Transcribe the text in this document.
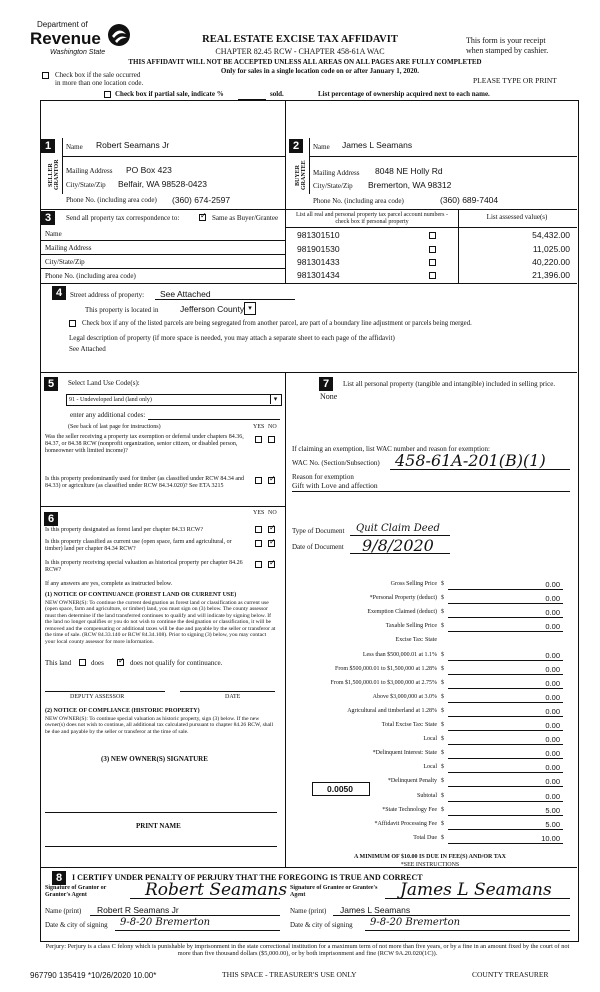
Department of
Revenue
Washington State
REAL ESTATE EXCISE TAX AFFIDAVIT
CHAPTER 82.45 RCW - CHAPTER 458-61A WAC
This form is your receipt
when stamped by cashier.
THIS AFFIDAVIT WILL NOT BE ACCEPTED UNLESS ALL AREAS ON ALL PAGES ARE FULLY COMPLETED
Only for sales in a single location code on or after January 1, 2020.
Check box if the sale occurred
in more than one location code.	PLEASE TYPE OR PRINT
Check box if partial sale, indicate %	sold.	List percentage of ownership acquired next to each name.
1
SELLER GRANTOR
Name Robert Seamans Jr
Mailing Address PO Box 423
City/State/Zip Belfair, WA 98528-0423
Phone No. (including area code) (360) 674-2597
2
BUYER GRANTEE
Name James L Seamans
Mailing Address 8048 NE Holly Rd
City/State/Zip Bremerton, WA 98312
Phone No. (including area code)	(360) 689-7404
3	Send all property tax correspondence to: ✓	Same as Buyer/Grantee
Name
Mailing Address
City/State/Zip
Phone No. (including area code)
List all real and personal property tax parcel account numbers - check box if personal property
List assessed value(s)
981301510	54,432.00
981901530	11,025.00
981301433	40,220.00
981301434	21,396.00
4	Street address of property: See Attached
This property is located in	Jefferson County ▾
Check box if any of the listed parcels are being segregated from another parcel, are part of a boundary line adjustment or parcels being merged.
Legal description of property (if more space is needed, you may attach a separate sheet to each page of the affidavit)
See Attached
5	Select Land Use Code(s):
91 - Undeveloped land (land only)	▾
enter any additional codes:
(See back of last page for instructions)	YES NO
Was the seller receiving a property tax exemption or deferral under chapters 84.36, 84.37, or 84.38 RCW (nonprofit organization, senior citizen, or disabled person, homeowner with limited income)?
Is this property predominantly used for timber (as classified under RCW 84.34 and 84.33) or agriculture (as classified under RCW 84.34.020)? See ETA 3215
✓
6	YES NO
Is this property designated as forest land per chapter 84.33 RCW?
✓
Is this property classified as current use (open space, farm and agricultural, or timber) land per chapter 84.34 RCW?
✓
Is this property receiving special valuation as historical property per chapter 84.26 RCW?
✓
If any answers are yes, complete as instructed below.
(1) NOTICE OF CONTINUANCE (FOREST LAND OR CURRENT USE)
NEW OWNER(S): To continue the current designation as forest land or classification as current use (open space, farm and agriculture, or timber) land, you must sign on (3) below. The county assessor must then determine if the land transferred continues to qualify and will indicate by signing below. If the land no longer qualifies or you do not wish to continue the designation or classification, it will be removed and the compensating or additional taxes will be due and payable by the seller or transferor at the time of sale. (RCW 84.33.140 or RCW 84.34.108). Prior to signing (3) below, you may contact your local county assessor for more information.
This land	does ✓	does not qualify for continuance.
DEPUTY ASSESSOR	DATE
(2) NOTICE OF COMPLIANCE (HISTORIC PROPERTY)
NEW OWNER(S): To continue special valuation as historic property, sign (3) below. If the new owner(s) does not wish to continue, all additional tax calculated pursuant to chapter 84.26 RCW, shall be due and payable by the seller or transferor at the time of sale.
(3) NEW OWNER(S) SIGNATURE
PRINT NAME
7	List all personal property (tangible and intangible) included in selling price.
None
If claiming an exemption, list WAC number and reason for exemption:
WAC No. (Section/Subsection) 458-61A-201(B)(1)
Reason for exemption
Gift with Love and affection
Type of Document Quit Claim Deed
Date of Document 9/8/2020
Gross Selling Price $	0.00
*Personal Property (deduct) $	0.00
Exemption Claimed (deduct) $	0.00
Taxable Selling Price $	0.00
Excise Tax: State
Less than $500,000.01 at 1.1% $	0.00
From $500,000.01 to $1,500,000 at 1.28% $	0.00
From $1,500,000.01 to $3,000,000 at 2.75% $	0.00
Above $3,000,000 at 3.0% $	0.00
Agricultural and timberland at 1.28% $	0.00
Total Excise Tax: State $	0.00
Local $	0.00
*Delinquent Interest: State $	0.00
Local $	0.00
*Delinquent Penalty $	0.00
Subtotal $	0.00
*State Technology Fee $	5.00
*Affidavit Processing Fee $	5.00
Total Due $	10.00
0.0050
A MINIMUM OF $10.00 IS DUE IN FEE(S) AND/OR TAX
*SEE INSTRUCTIONS
8	I CERTIFY UNDER PENALTY OF PERJURY THAT THE FOREGOING IS TRUE AND CORRECT
Signature of Grantor or Grantor's Agent	Robert Seamans Signature of Grantee or Grantee's Agent	James L Seamans
Name (print) Robert R Seamans Jr	Name (print) James L Seamans
Date & city of signing 9-8-20 Bremerton	Date & city of signing 9-8-20 Bremerton
Perjury: Perjury is a class C felony which is punishable by imprisonment in the state correctional institution for a maximum term of not more than five years, or by a fine in an amount fixed by the court of not more than five thousand dollars ($5,000.00), or by both imprisonment and fine (RCW 9A.20.020(1C)).
967790 135419 *10/26/2020 10.00*	THIS SPACE - TREASURER'S USE ONLY	COUNTY TREASURER
